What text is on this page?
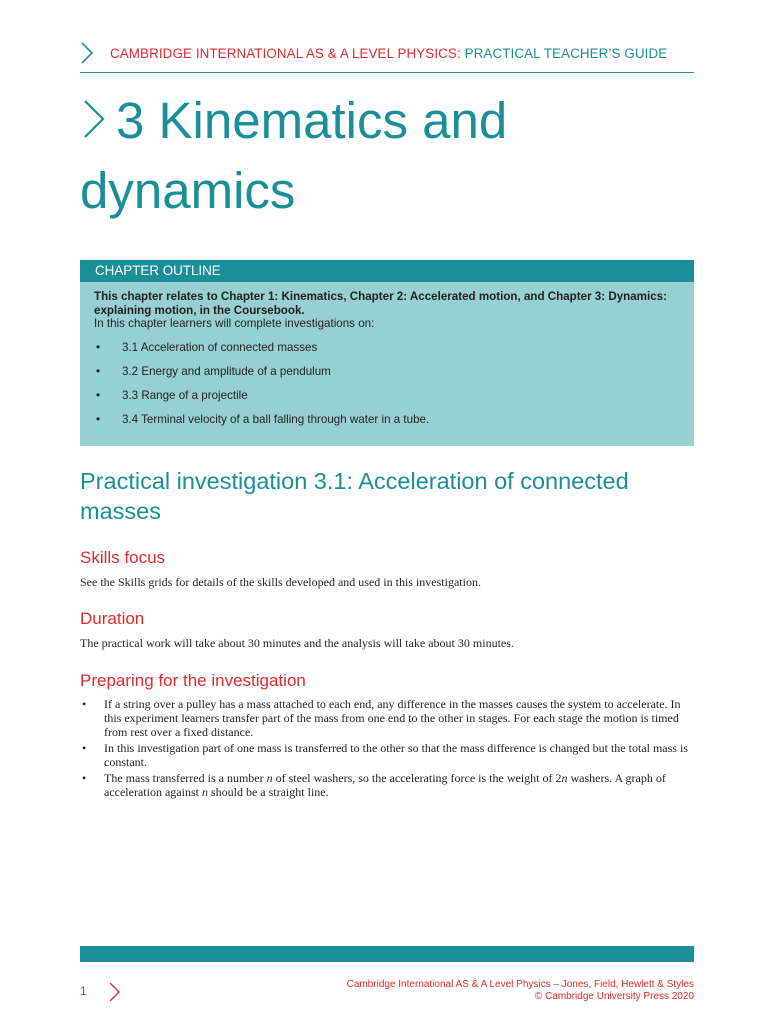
CAMBRIDGE INTERNATIONAL AS & A LEVEL PHYSICS: PRACTICAL TEACHER’S GUIDE
3 Kinematics and
dynamics
CHAPTER OUTLINE
This chapter relates to Chapter 1: Kinematics, Chapter 2: Accelerated motion, and Chapter 3: Dynamics: explaining motion, in the Coursebook.
In this chapter learners will complete investigations on:
• 3.1 Acceleration of connected masses
• 3.2 Energy and amplitude of a pendulum
• 3.3 Range of a projectile
• 3.4 Terminal velocity of a ball falling through water in a tube.
Practical investigation 3.1: Acceleration of connected masses
Skills focus

See the Skills grids for details of the skills developed and used in this investigation.

Duration

The practical work will take about 30 minutes and the analysis will take about 30 minutes.

Preparing for the investigation
• If a string over a pulley has a mass attached to each end, any difference in the masses causes the system to accelerate. In this experiment learners transfer part of the mass from one end to the other in stages. For each stage the motion is timed from rest over a fixed distance.
• In this investigation part of one mass is transferred to the other so that the mass difference is changed but the total mass is constant.
• The mass transferred is a number n of steel washers, so the accelerating force is the weight of 2n washers. A graph of acceleration against n should be a straight line.
1	Cambridge International AS & A Level Physics – Jones, Field, Hewlett & Styles
© Cambridge University Press 2020
